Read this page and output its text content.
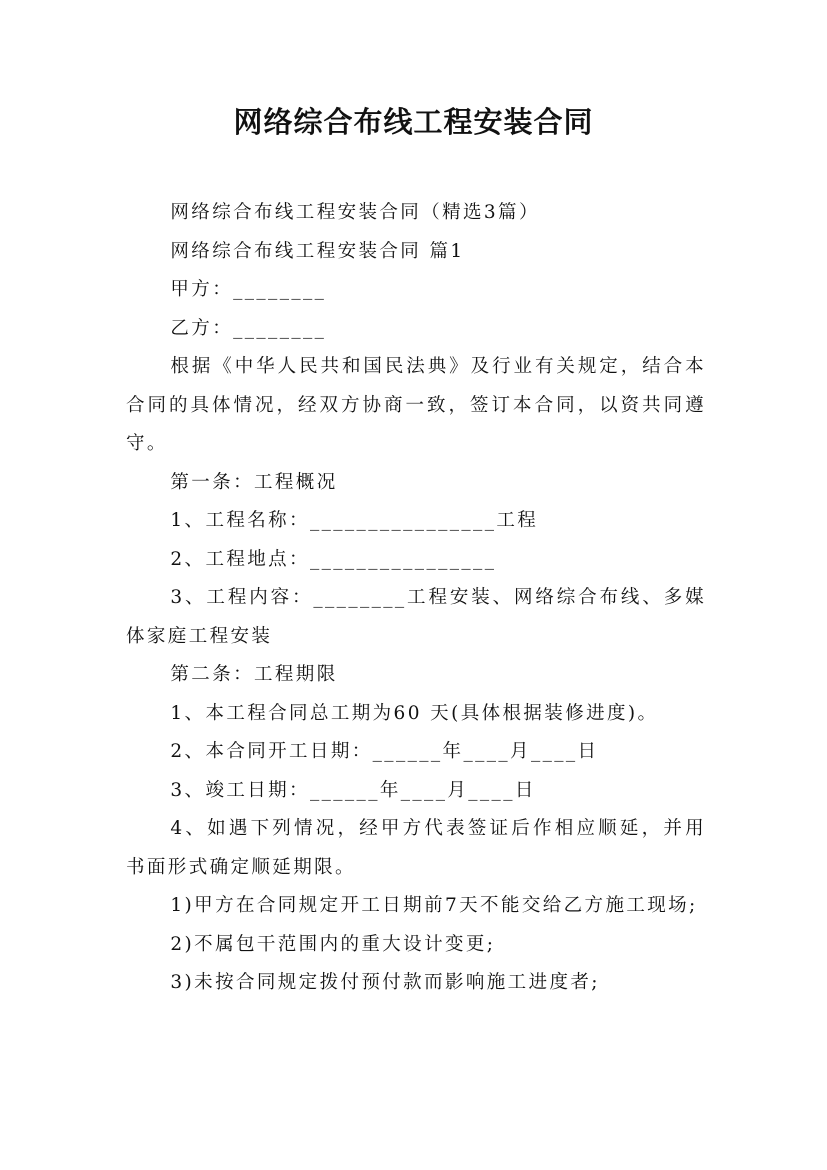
网络综合布线工程安装合同

网络综合布线工程安装合同（精选3篇）

网络综合布线工程安装合同 篇1

甲方：________

乙方：________

根据《中华人民共和国民法典》及行业有关规定，结合本合同的具体情况，经双方协商一致，签订本合同，以资共同遵守。

第一条：工程概况

1、工程名称：________________工程

2、工程地点：________________

3、工程内容：________工程安装、网络综合布线、多媒体家庭工程安装

第二条：工程期限

1、本工程合同总工期为60 天(具体根据装修进度)。

2、本合同开工日期：______年____月____日

3、竣工日期：______年____月____日

4、如遇下列情况，经甲方代表签证后作相应顺延，并用书面形式确定顺延期限。

1)甲方在合同规定开工日期前7天不能交给乙方施工现场;

2)不属包干范围内的重大设计变更;

3)未按合同规定拨付预付款而影响施工进度者;
